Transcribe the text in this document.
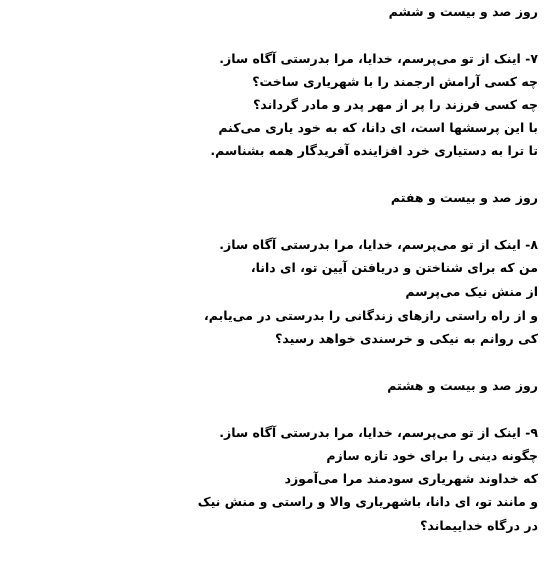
روز صد و بیست و ششم
۷- اینک از تو می‌پرسم، خدایا، مرا بدرستی آگاه ساز.
چه کسی آرامش ارجمند را با شهریاری ساخت؟
چه کسی فرزند را پر از مهر پدر و مادر گرداند؟
با این پرسشها است، ای دانا، که به خود یاری می‌کنم
تا ترا به دستیاری خرد افزاینده آفریدگار همه بشناسم.
روز صد و بیست و هفتم
۸- اینک از تو می‌پرسم، خدایا، مرا بدرستی آگاه ساز.
من که برای شناختن و دریافتن آیین تو، ای دانا،
از منش نیک می‌پرسم
و از راه راستی رازهای زندگانی را بدرستی در می‌یابم،
کی روانم به نیکی و خرسندی خواهد رسید؟
روز صد و بیست و هشتم
۹- اینک از تو می‌پرسم، خدایا، مرا بدرستی آگاه ساز.
چگونه دینی را برای خود تازه سازم
که خداوند شهریاری سودمند مرا می‌آموزد
و مانند تو، ای دانا، باشهریاری والا و راستی و منش نیک
در درگاه خداییماند؟
